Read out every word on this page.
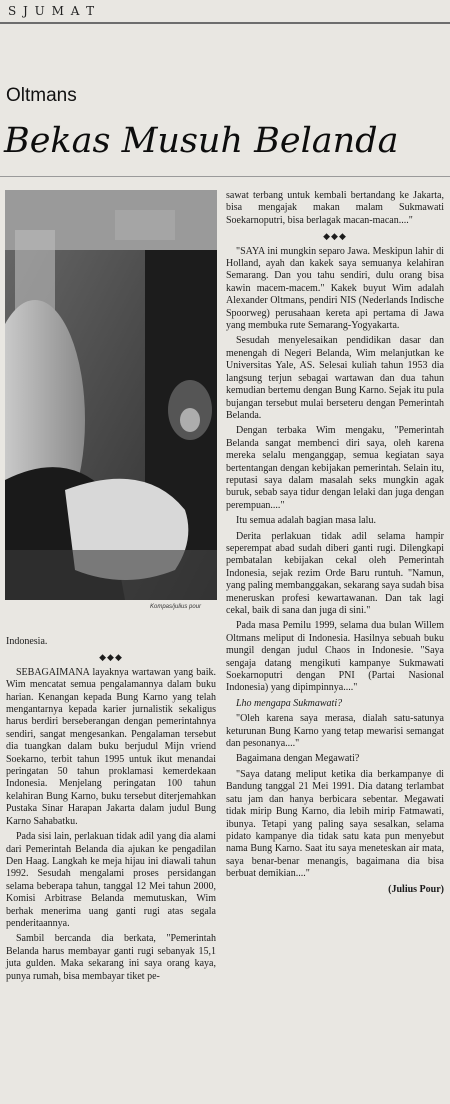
S J U M A T
Oltmans
Bekas Musuh Belanda
Kompas/julius pour

sawat terbang untuk kembali bertandang ke Jakarta, bisa mengajak makan malam Sukmawati Soekarnoputri, bisa berlagak macan-macan...."

◆◆◆

"SAYA ini mungkin separo Jawa. Meskipun lahir di Holland, ayah dan kakek saya semuanya kelahiran Semarang. Dan you tahu sendiri, dulu orang bisa kawin macem-macem." Kakek buyut Wim adalah Alexander Oltmans, pendiri NIS (Nederlands Indische Spoorweg) perusahaan kereta api pertama di Jawa yang membuka rute Semarang-Yogyakarta.

Sesudah menyelesaikan pendidikan dasar dan menengah di Negeri Belanda, Wim melanjutkan ke Universitas Yale, AS. Selesai kuliah tahun 1953 dia langsung terjun sebagai wartawan dan dua tahun kemudian bertemu dengan Bung Karno. Sejak itu pula bujangan tersebut mulai berseteru dengan Pemerintah Belanda.

Dengan terbaka Wim mengaku, "Pemerintah Belanda sangat membenci diri saya, oleh karena mereka selalu menganggap, semua kegiatan saya bertentangan dengan kebijakan pemerintah. Selain itu, reputasi saya dalam masalah seks mungkin agak buruk, sebab saya tidur dengan lelaki dan juga dengan perempuan...."

Itu semua adalah bagian masa lalu.

Derita perlakuan tidak adil selama hampir seperempat abad sudah diberi ganti rugi. Dilengkapi pembatalan kebijakan cekal oleh Pemerintah Indonesia, sejak rezim Orde Baru runtuh. "Namun, yang paling membanggakan, sekarang saya sudah bisa meneruskan profesi kewartawanan. Dan tak lagi cekal, baik di sana dan juga di sini."

Pada masa Pemilu 1999, selama dua bulan Willem Oltmans meliput di Indonesia. Hasilnya sebuah buku mungil dengan judul Chaos in Indonesie. "Saya sengaja datang mengikuti kampanye Sukmawati Soekarnoputri dengan PNI (Partai Nasional Indonesia) yang dipimpinnya...."

Lho mengapa Sukmawati?

"Oleh karena saya merasa, dialah satu-satunya keturunan Bung Karno yang tetap mewarisi semangat dan pesonanya...."

Bagaimana dengan Megawati?

"Saya datang meliput ketika dia berkampanye di Bandung tanggal 21 Mei 1991. Dia datang terlambat satu jam dan hanya berbicara sebentar. Megawati tidak mirip Bung Karno, dia lebih mirip Fatmawati, ibunya. Tetapi yang paling saya sesalkan, selama pidato kampanye dia tidak satu kata pun menyebut nama Bung Karno. Saat itu saya meneteskan air mata, saya benar-benar menangis, bagaimana dia bisa berbuat demikian...."

(Julius Pour)

Indonesia.

◆◆◆

SEBAGAIMANA layaknya wartawan yang baik. Wim mencatat semua pengalamannya dalam buku harian. Kenangan kepada Bung Karno yang telah mengantarnya kepada karier jurnalistik sekaligus harus berdiri berseberangan dengan pemerintahnya sendiri, sangat mengesankan. Pengalaman tersebut dia tuangkan dalam buku berjudul Mijn vriend Soekarno, terbit tahun 1995 untuk ikut menandai peringatan 50 tahun proklamasi kemerdekaan Indonesia. Menjelang peringatan 100 tahun kelahiran Bung Karno, buku tersebut diterjemahkan Pustaka Sinar Harapan Jakarta dalam judul Bung Karno Sahabatku.

Pada sisi lain, perlakuan tidak adil yang dia alami dari Pemerintah Belanda dia ajukan ke pengadilan Den Haag. Langkah ke meja hijau ini diawali tahun 1992. Sesudah mengalami proses persidangan selama beberapa tahun, tanggal 12 Mei tahun 2000, Komisi Arbitrase Belanda memutuskan, Wim berhak menerima uang ganti rugi atas segala penderitaannya.

Sambil bercanda dia berkata, "Pemerintah Belanda harus membayar ganti rugi sebanyak 15,1 juta gulden. Maka sekarang ini saya orang kaya, punya rumah, bisa membayar tiket pe-
